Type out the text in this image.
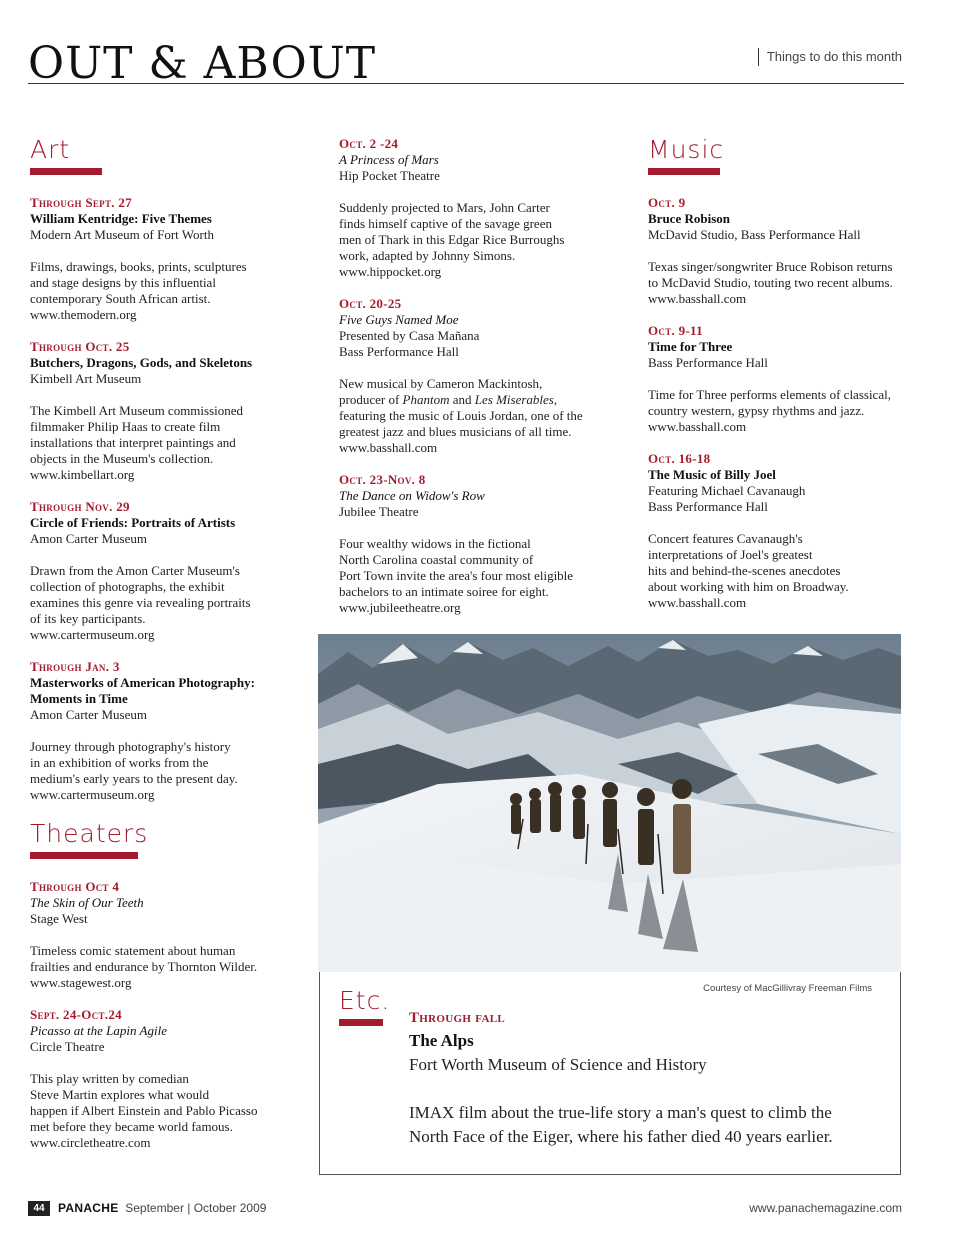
OUT & ABOUT	Things to do this month
Art
Through Sept. 27
William Kentridge: Five Themes
Modern Art Museum of Fort Worth
Films, drawings, books, prints, sculptures
and stage designs by this influential
contemporary South African artist.
www.themodern.org
Through Oct. 25
Butchers, Dragons, Gods, and Skeletons
Kimbell Art Museum
The Kimbell Art Museum commissioned
filmmaker Philip Haas to create film
installations that interpret paintings and
objects in the Museum's collection.
www.kimbellart.org
Through Nov. 29
Circle of Friends: Portraits of Artists
Amon Carter Museum
Drawn from the Amon Carter Museum's
collection of photographs, the exhibit
examines this genre via revealing portraits
of its key participants.
www.cartermuseum.org
Through Jan. 3
Masterworks of American Photography:
Moments in Time
Amon Carter Museum
Journey through photography's history
in an exhibition of works from the
medium's early years to the present day.
www.cartermuseum.org
Theaters
Through Oct 4
The Skin of Our Teeth
Stage West
Timeless comic statement about human
frailties and endurance by Thornton Wilder.
www.stagewest.org
Sept. 24-Oct.24
Picasso at the Lapin Agile
Circle Theatre
This play written by comedian
Steve Martin explores what would
happen if Albert Einstein and Pablo Picasso
met before they became world famous.
www.circletheatre.com
Oct. 2 -24
A Princess of Mars
Hip Pocket Theatre
Suddenly projected to Mars, John Carter
finds himself captive of the savage green
men of Thark in this Edgar Rice Burroughs
work, adapted by Johnny Simons.
www.hippocket.org
Oct. 20-25
Five Guys Named Moe
Presented by Casa Mañana
Bass Performance Hall
New musical by Cameron Mackintosh,
producer of Phantom and Les Miserables,
featuring the music of Louis Jordan, one of the
greatest jazz and blues musicians of all time.
www.basshall.com
Oct. 23-Nov. 8
The Dance on Widow's Row
Jubilee Theatre
Four wealthy widows in the fictional
North Carolina coastal community of
Port Town invite the area's four most eligible
bachelors to an intimate soiree for eight.
www.jubileetheatre.org
Music
Oct. 9
Bruce Robison
McDavid Studio, Bass Performance Hall
Texas singer/songwriter Bruce Robison returns
to McDavid Studio, touting two recent albums.
www.basshall.com
Oct. 9-11
Time for Three
Bass Performance Hall
Time for Three performs elements of classical,
country western, gypsy rhythms and jazz.
www.basshall.com
Oct. 16-18
The Music of Billy Joel
Featuring Michael Cavanaugh
Bass Performance Hall
Concert features Cavanaugh's
interpretations of Joel's greatest
hits and behind-the-scenes anecdotes
about working with him on Broadway.
www.basshall.com
Courtesy of MacGillivray Freeman Films
Etc.
Through fall
The Alps
Fort Worth Museum of Science and History
IMAX film about the true-life story a man's quest to climb the
North Face of the Eiger, where his father died 40 years earlier.
44	PANACHE September | October 2009	www.panachemagazine.com
